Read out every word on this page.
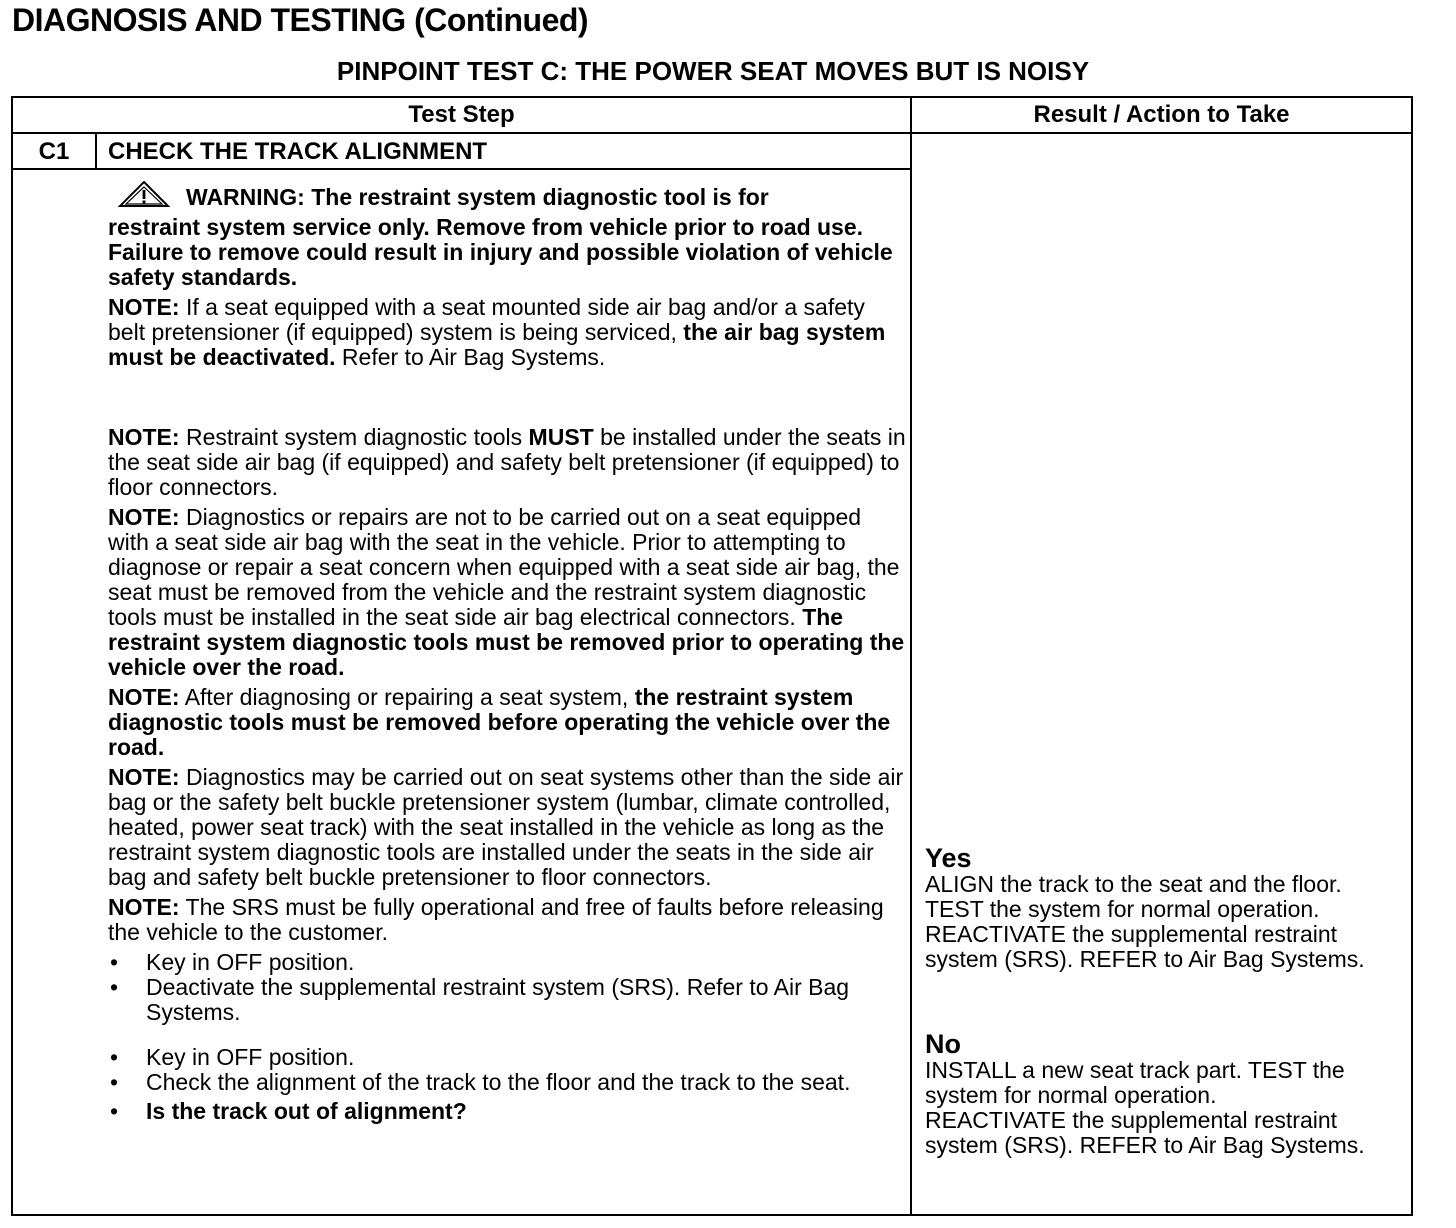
DIAGNOSIS AND TESTING (Continued)
PINPOINT TEST C: THE POWER SEAT MOVES BUT IS NOISY
Test Step	Result / Action to Take
C1	CHECK THE TRACK ALIGNMENT
WARNING: The restraint system diagnostic tool is for
restraint system service only. Remove from vehicle prior to road use. Failure to remove could result in injury and possible violation of vehicle safety standards.
NOTE: If a seat equipped with a seat mounted side air bag and/or a safety belt pretensioner (if equipped) system is being serviced, the air bag system must be deactivated. Refer to Air Bag Systems.
NOTE: Restraint system diagnostic tools MUST be installed under the seats in the seat side air bag (if equipped) and safety belt pretensioner (if equipped) to floor connectors.
NOTE: Diagnostics or repairs are not to be carried out on a seat equipped with a seat side air bag with the seat in the vehicle. Prior to attempting to diagnose or repair a seat concern when equipped with a seat side air bag, the seat must be removed from the vehicle and the restraint system diagnostic tools must be installed in the seat side air bag electrical connectors. The restraint system diagnostic tools must be removed prior to operating the vehicle over the road.
NOTE: After diagnosing or repairing a seat system, the restraint system diagnostic tools must be removed before operating the vehicle over the road.
NOTE: Diagnostics may be carried out on seat systems other than the side air bag or the safety belt buckle pretensioner system (lumbar, climate controlled, heated, power seat track) with the seat installed in the vehicle as long as the restraint system diagnostic tools are installed under the seats in the side air bag and safety belt buckle pretensioner to floor connectors.
NOTE: The SRS must be fully operational and free of faults before releasing the vehicle to the customer.
• Key in OFF position.
• Deactivate the supplemental restraint system (SRS). Refer to Air Bag Systems.
• Key in OFF position.
• Check the alignment of the track to the floor and the track to the seat.
• Is the track out of alignment?
Yes

ALIGN the track to the seat and the floor.

TEST the system for normal operation.

REACTIVATE the supplemental restraint

system (SRS). REFER to Air Bag Systems.

No

INSTALL a new seat track part. TEST the

system for normal operation.

REACTIVATE the supplemental restraint

system (SRS). REFER to Air Bag Systems.
